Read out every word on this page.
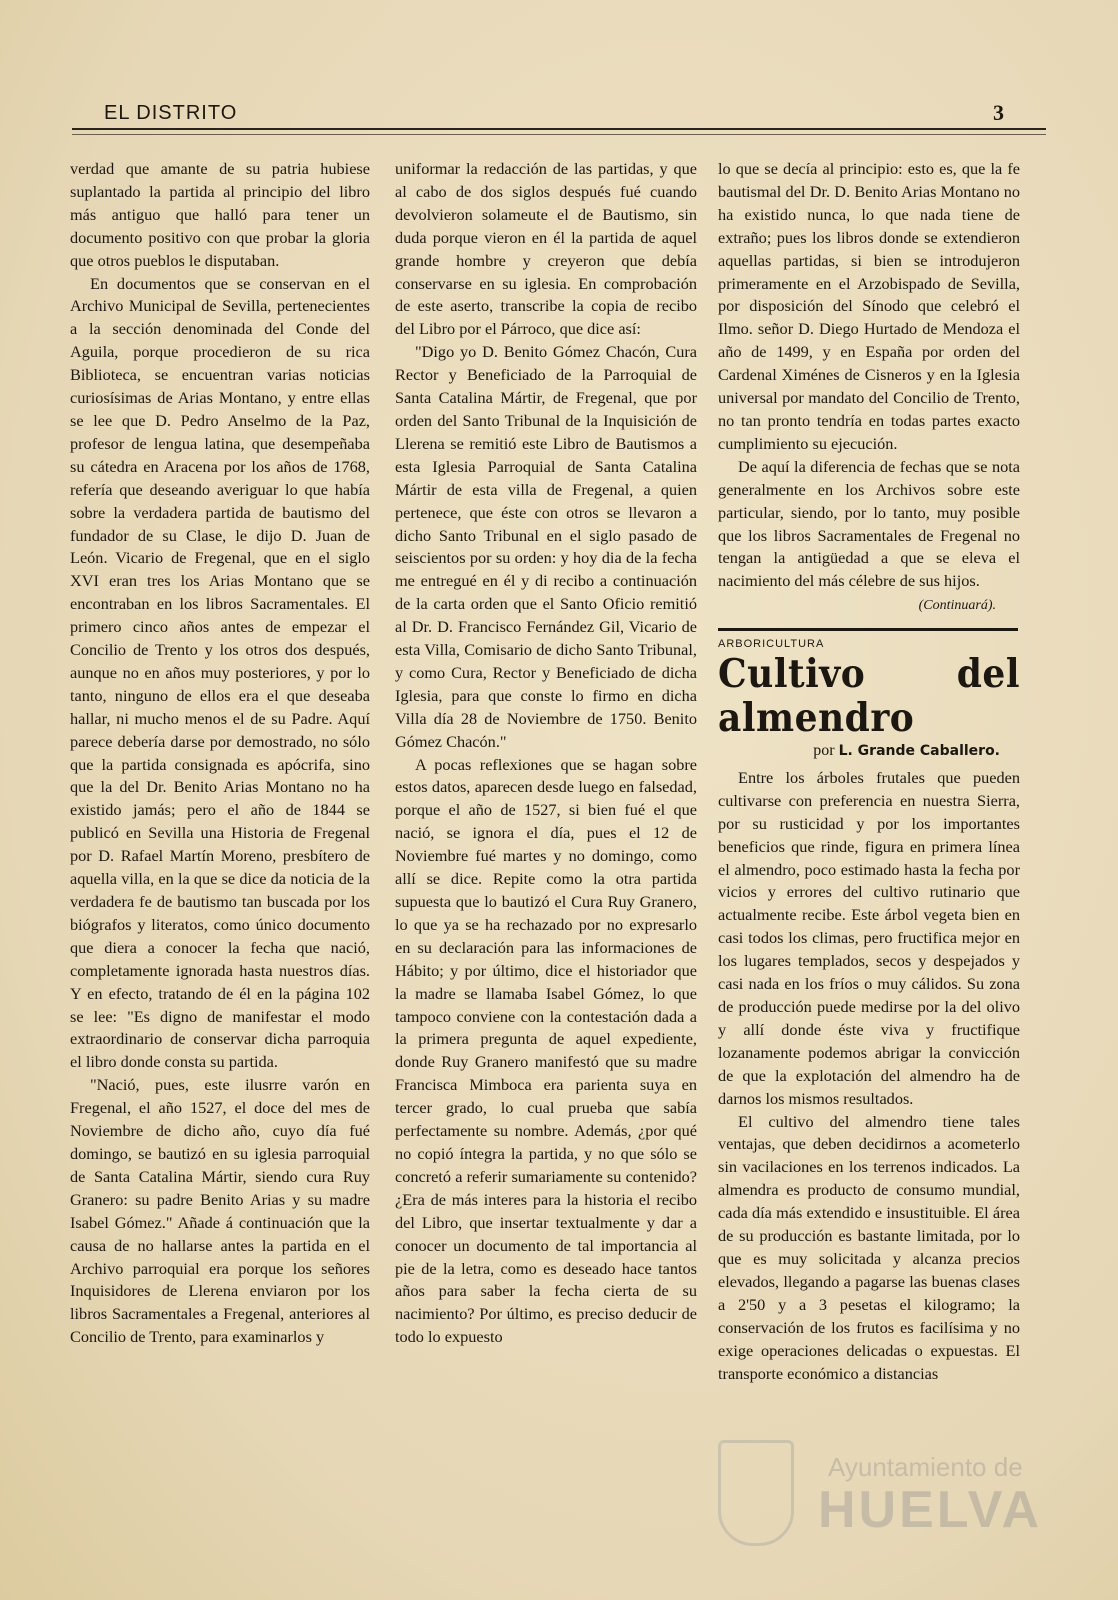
EL DISTRITO	3

verdad que amante de su patria hubiese suplantado la partida al principio del libro más antiguo que halló para tener un documento positivo con que probar la gloria que otros pueblos le disputaban.

En documentos que se conservan en el Archivo Municipal de Sevilla, pertenecientes a la sección denominada del Conde del Aguila, porque procedieron de su rica Biblioteca, se encuentran varias noticias curiosísimas de Arias Montano, y entre ellas se lee que D. Pedro Anselmo de la Paz, profesor de lengua latina, que desempeñaba su cátedra en Aracena por los años de 1768, refería que deseando averiguar lo que había sobre la verdadera partida de bautismo del fundador de su Clase, le dijo D. Juan de León. Vicario de Fregenal, que en el siglo XVI eran tres los Arias Montano que se encontraban en los libros Sacramentales. El primero cinco años antes de empezar el Concilio de Trento y los otros dos después, aunque no en años muy posteriores, y por lo tanto, ninguno de ellos era el que deseaba hallar, ni mucho menos el de su Padre. Aquí parece debería darse por demostrado, no sólo que la partida consignada es apócrifa, sino que la del Dr. Benito Arias Montano no ha existido jamás; pero el año de 1844 se publicó en Sevilla una Historia de Fregenal por D. Rafael Martín Moreno, presbítero de aquella villa, en la que se dice da noticia de la verdadera fe de bautismo tan buscada por los biógrafos y literatos, como único documento que diera a conocer la fecha que nació, completamente ignorada hasta nuestros días. Y en efecto, tratando de él en la página 102 se lee: "Es digno de manifestar el modo extraordinario de conservar dicha parroquia el libro donde consta su partida.

"Nació, pues, este ilusrre varón en Fregenal, el año 1527, el doce del mes de Noviembre de dicho año, cuyo día fué domingo, se bautizó en su iglesia parroquial de Santa Catalina Mártir, siendo cura Ruy Granero: su padre Benito Arias y su madre Isabel Gómez." Añade á continuación que la causa de no hallarse antes la partida en el Archivo parroquial era porque los señores Inquisidores de Llerena enviaron por los libros Sacramentales a Fregenal, anteriores al Concilio de Trento, para examinarlos y

uniformar la redacción de las partidas, y que al cabo de dos siglos después fué cuando devolvieron solameute el de Bautismo, sin duda porque vieron en él la partida de aquel grande hombre y creyeron que debía conservarse en su iglesia. En comprobación de este aserto, transcribe la copia de recibo del Libro por el Párroco, que dice así:

"Digo yo D. Benito Gómez Chacón, Cura Rector y Beneficiado de la Parroquial de Santa Catalina Mártir, de Fregenal, que por orden del Santo Tribunal de la Inquisición de Llerena se remitió este Libro de Bautismos a esta Iglesia Parroquial de Santa Catalina Mártir de esta villa de Fregenal, a quien pertenece, que éste con otros se llevaron a dicho Santo Tribunal en el siglo pasado de seiscientos por su orden: y hoy dia de la fecha me entregué en él y di recibo a continuación de la carta orden que el Santo Oficio remitió al Dr. D. Francisco Fernández Gil, Vicario de esta Villa, Comisario de dicho Santo Tribunal, y como Cura, Rector y Beneficiado de dicha Iglesia, para que conste lo firmo en dicha Villa día 28 de Noviembre de 1750. Benito Gómez Chacón."

A pocas reflexiones que se hagan sobre estos datos, aparecen desde luego en falsedad, porque el año de 1527, si bien fué el que nació, se ignora el día, pues el 12 de Noviembre fué martes y no domingo, como allí se dice. Repite como la otra partida supuesta que lo bautizó el Cura Ruy Granero, lo que ya se ha rechazado por no expresarlo en su declaración para las informaciones de Hábito; y por último, dice el historiador que la madre se llamaba Isabel Gómez, lo que tampoco conviene con la contestación dada a la primera pregunta de aquel expediente, donde Ruy Granero manifestó que su madre Francisca Mimboca era parienta suya en tercer grado, lo cual prueba que sabía perfectamente su nombre. Además, ¿por qué no copió íntegra la partida, y no que sólo se concretó a referir sumariamente su contenido? ¿Era de más interes para la historia el recibo del Libro, que insertar textualmente y dar a conocer un documento de tal importancia al pie de la letra, como es deseado hace tantos años para saber la fecha cierta de su nacimiento? Por último, es preciso deducir de todo lo expuesto

lo que se decía al principio: esto es, que la fe bautismal del Dr. D. Benito Arias Montano no ha existido nunca, lo que nada tiene de extraño; pues los libros donde se extendieron aquellas partidas, si bien se introdujeron primeramente en el Arzobispado de Sevilla, por disposición del Sínodo que celebró el Ilmo. señor D. Diego Hurtado de Mendoza el año de 1499, y en España por orden del Cardenal Ximénes de Cisneros y en la Iglesia universal por mandato del Concilio de Trento, no tan pronto tendría en todas partes exacto cumplimiento su ejecución.

De aquí la diferencia de fechas que se nota generalmente en los Archivos sobre este particular, siendo, por lo tanto, muy posible que los libros Sacramentales de Fregenal no tengan la antigüedad a que se eleva el nacimiento del más célebre de sus hijos.

(Continuará).
ARBORICULTURA
Cultivo del almendro
por L. Grande Caballero.

Entre los árboles frutales que pueden cultivarse con preferencia en nuestra Sierra, por su rusticidad y por los importantes beneficios que rinde, figura en primera línea el almendro, poco estimado hasta la fecha por vicios y errores del cultivo rutinario que actualmente recibe. Este árbol vegeta bien en casi todos los climas, pero fructifica mejor en los lugares templados, secos y despejados y casi nada en los fríos o muy cálidos. Su zona de producción puede medirse por la del olivo y allí donde éste viva y fructifique lozanamente podemos abrigar la convicción de que la explotación del almendro ha de darnos los mismos resultados.

El cultivo del almendro tiene tales ventajas, que deben decidirnos a acometerlo sin vacilaciones en los terrenos indicados. La almendra es producto de consumo mundial, cada día más extendido e insustituible. El área de su producción es bastante limitada, por lo que es muy solicitada y alcanza precios elevados, llegando a pagarse las buenas clases a 2'50 y a 3 pesetas el kilogramo; la conservación de los frutos es facilísima y no exige operaciones delicadas o expuestas. El transporte económico a distancias

Ayuntamiento de
HUELVA
